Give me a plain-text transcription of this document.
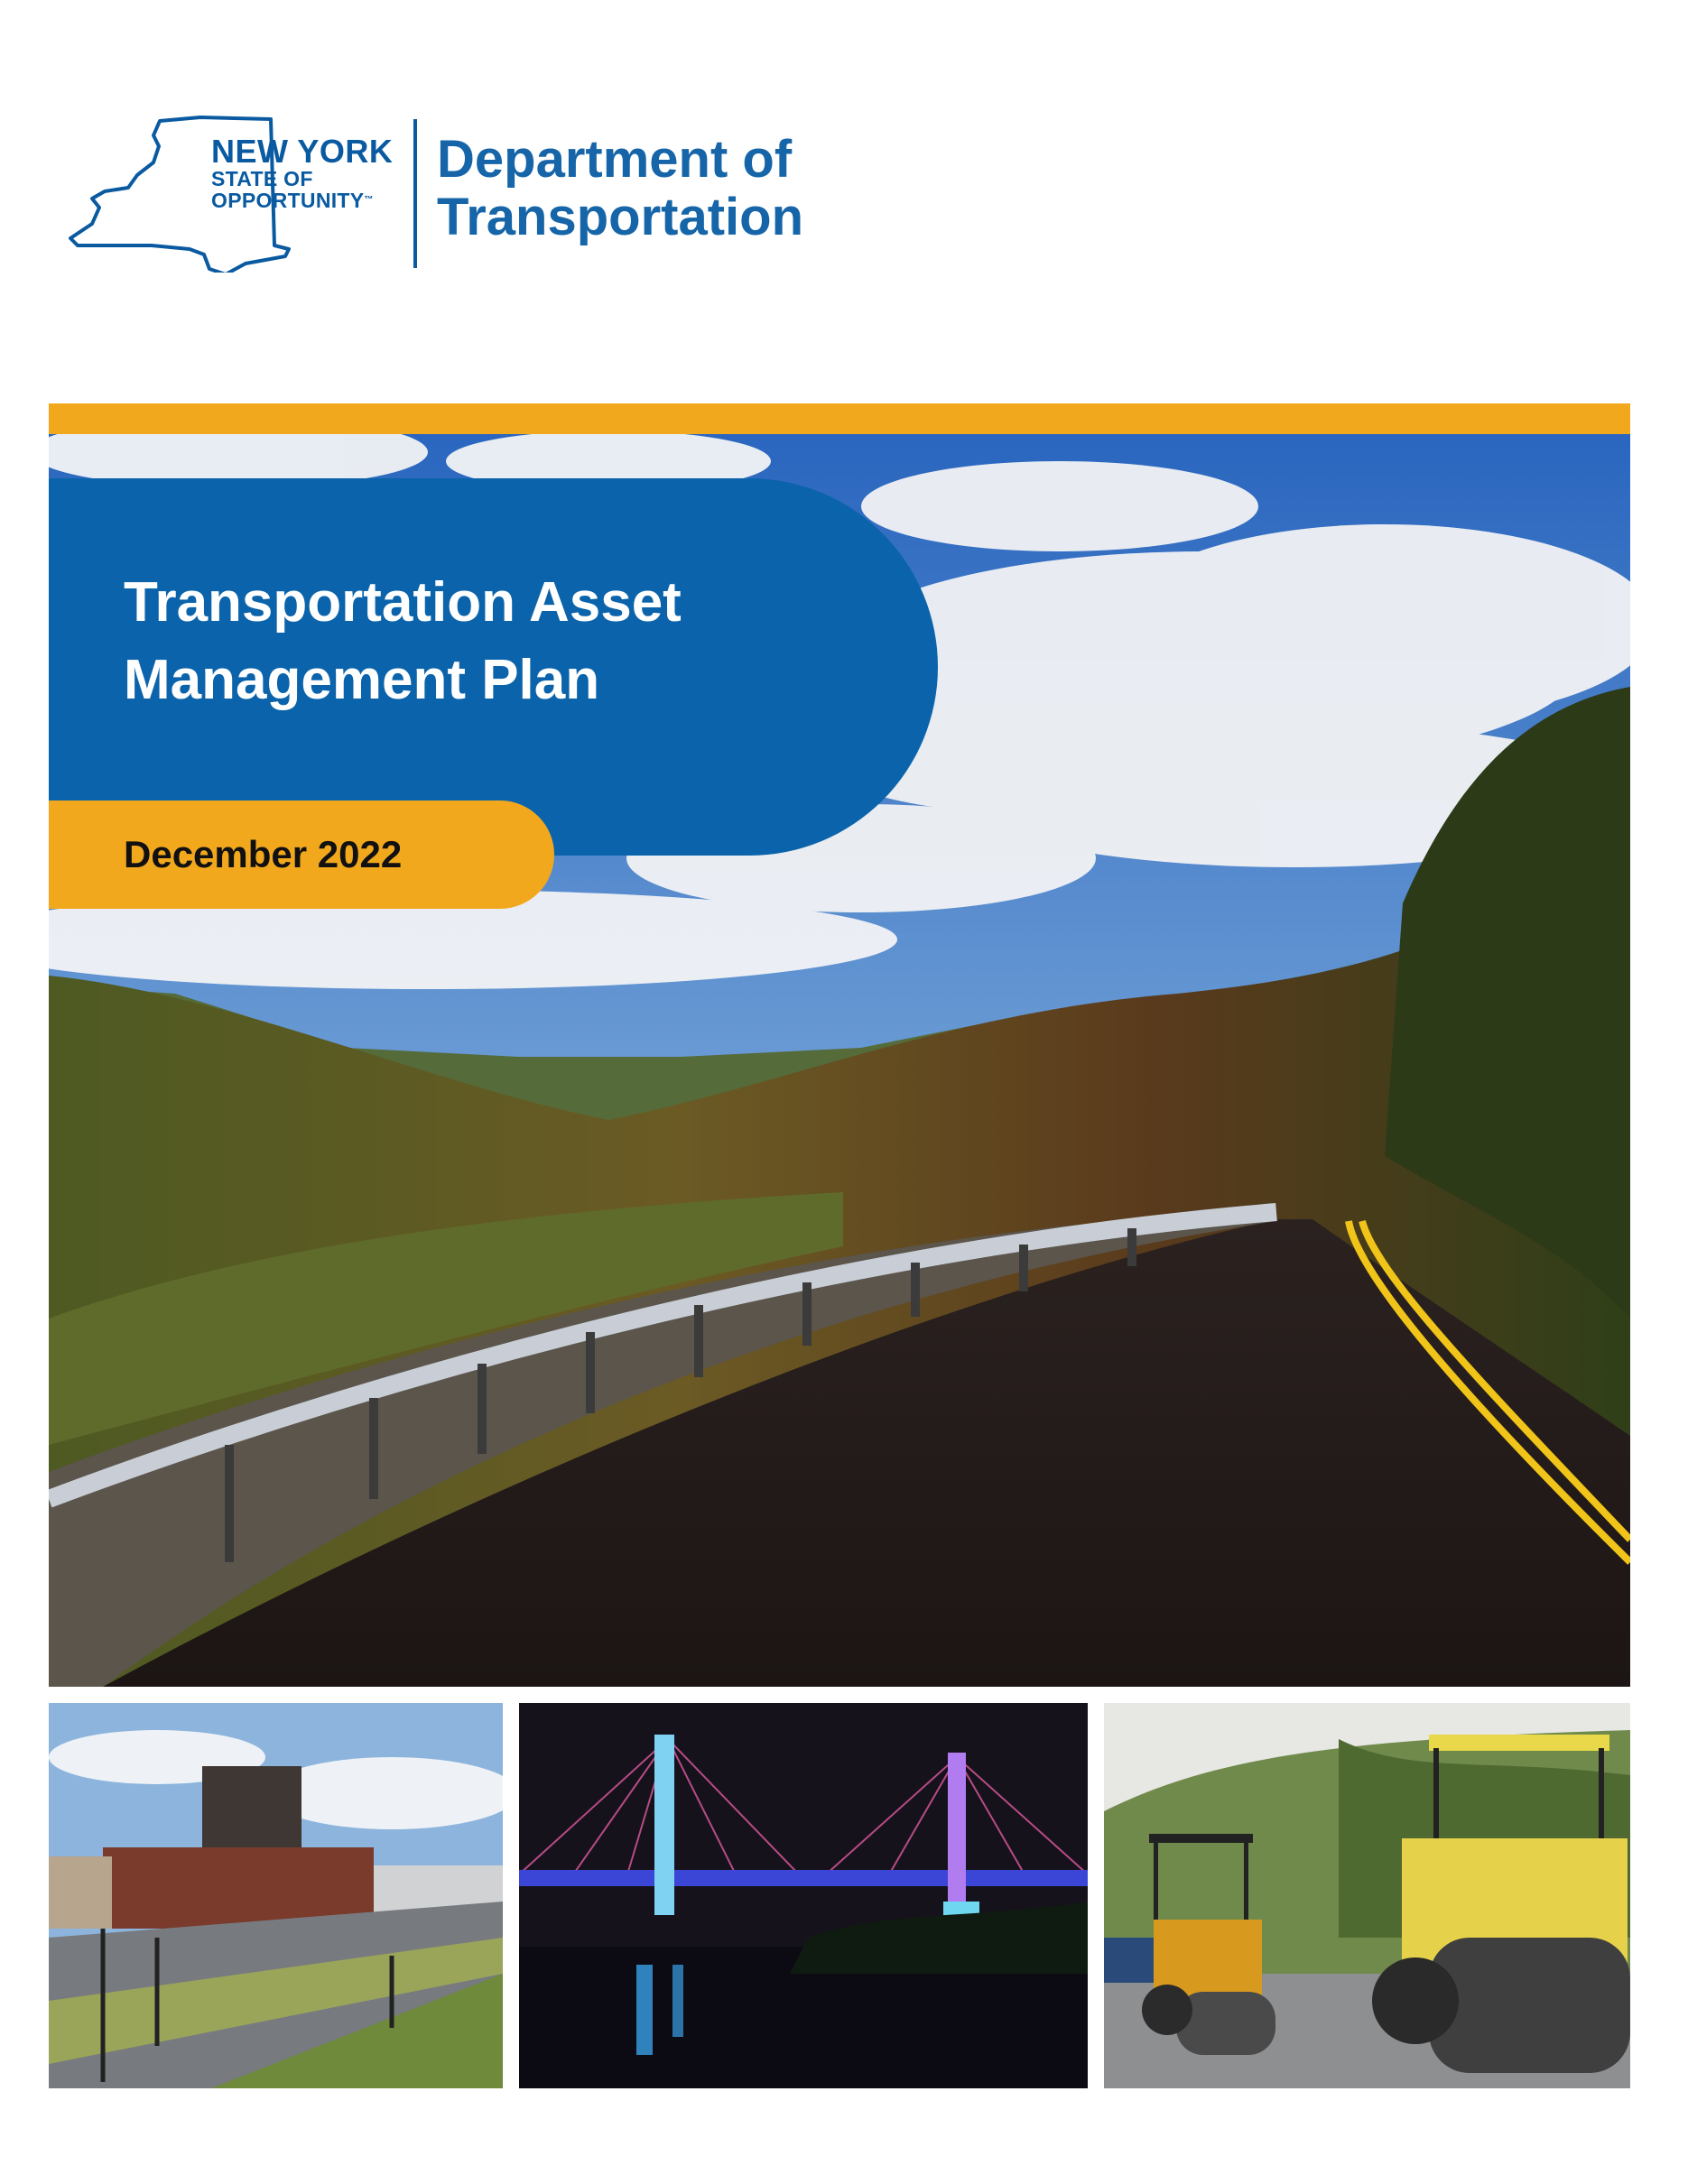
NEW YORK
STATE OF
OPPORTUNITY™
Department of
Transportation
Transportation Asset
Management Plan
December 2022
